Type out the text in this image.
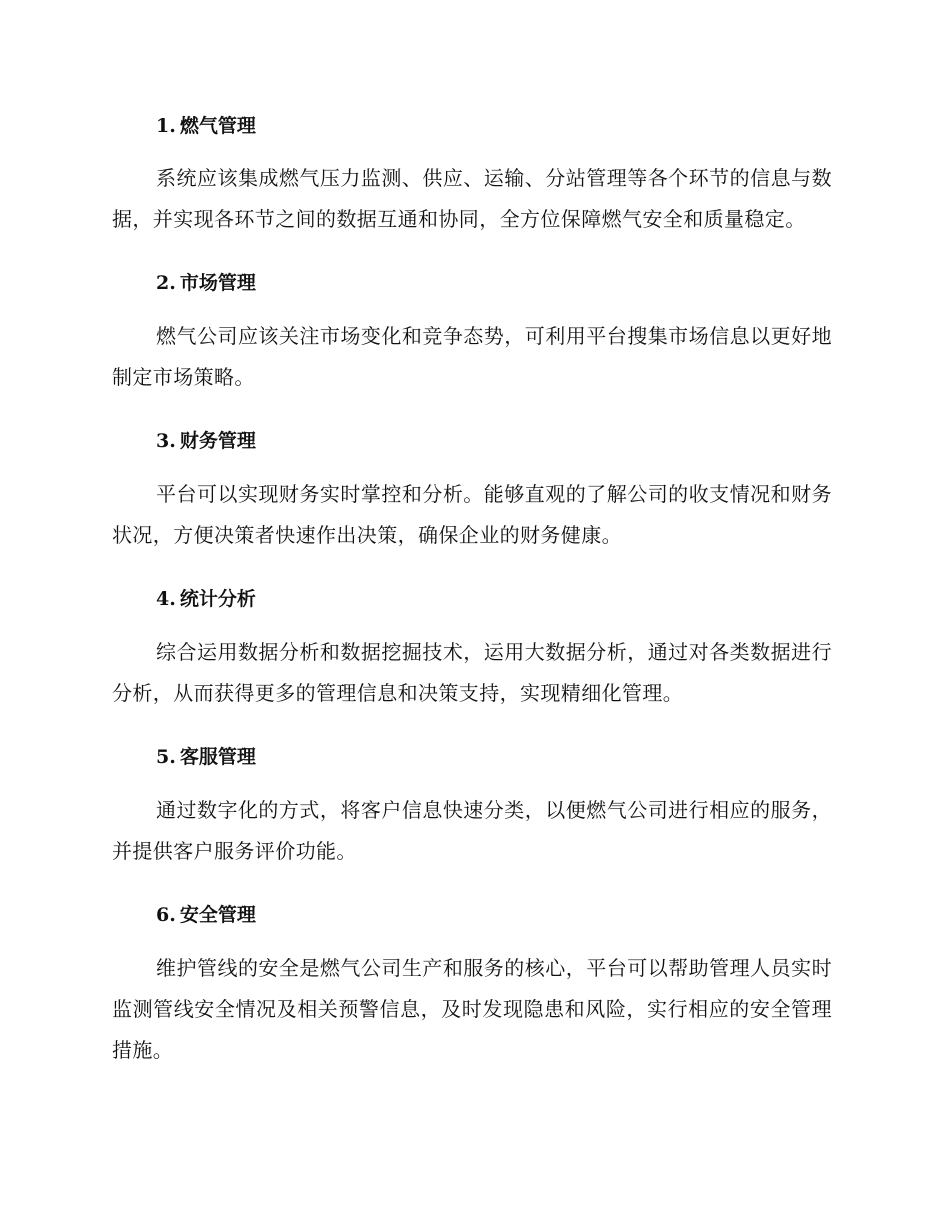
1. 燃气管理

系统应该集成燃气压力监测、供应、运输、分站管理等各个环节的信息与数据，并实现各环节之间的数据互通和协同，全方位保障燃气安全和质量稳定。

2. 市场管理

燃气公司应该关注市场变化和竞争态势，可利用平台搜集市场信息以更好地制定市场策略。

3. 财务管理

平台可以实现财务实时掌控和分析。能够直观的了解公司的收支情况和财务状况，方便决策者快速作出决策，确保企业的财务健康。

4. 统计分析

综合运用数据分析和数据挖掘技术，运用大数据分析，通过对各类数据进行分析，从而获得更多的管理信息和决策支持，实现精细化管理。

5. 客服管理

通过数字化的方式，将客户信息快速分类，以便燃气公司进行相应的服务，并提供客户服务评价功能。

6. 安全管理

维护管线的安全是燃气公司生产和服务的核心，平台可以帮助管理人员实时监测管线安全情况及相关预警信息，及时发现隐患和风险，实行相应的安全管理措施。
